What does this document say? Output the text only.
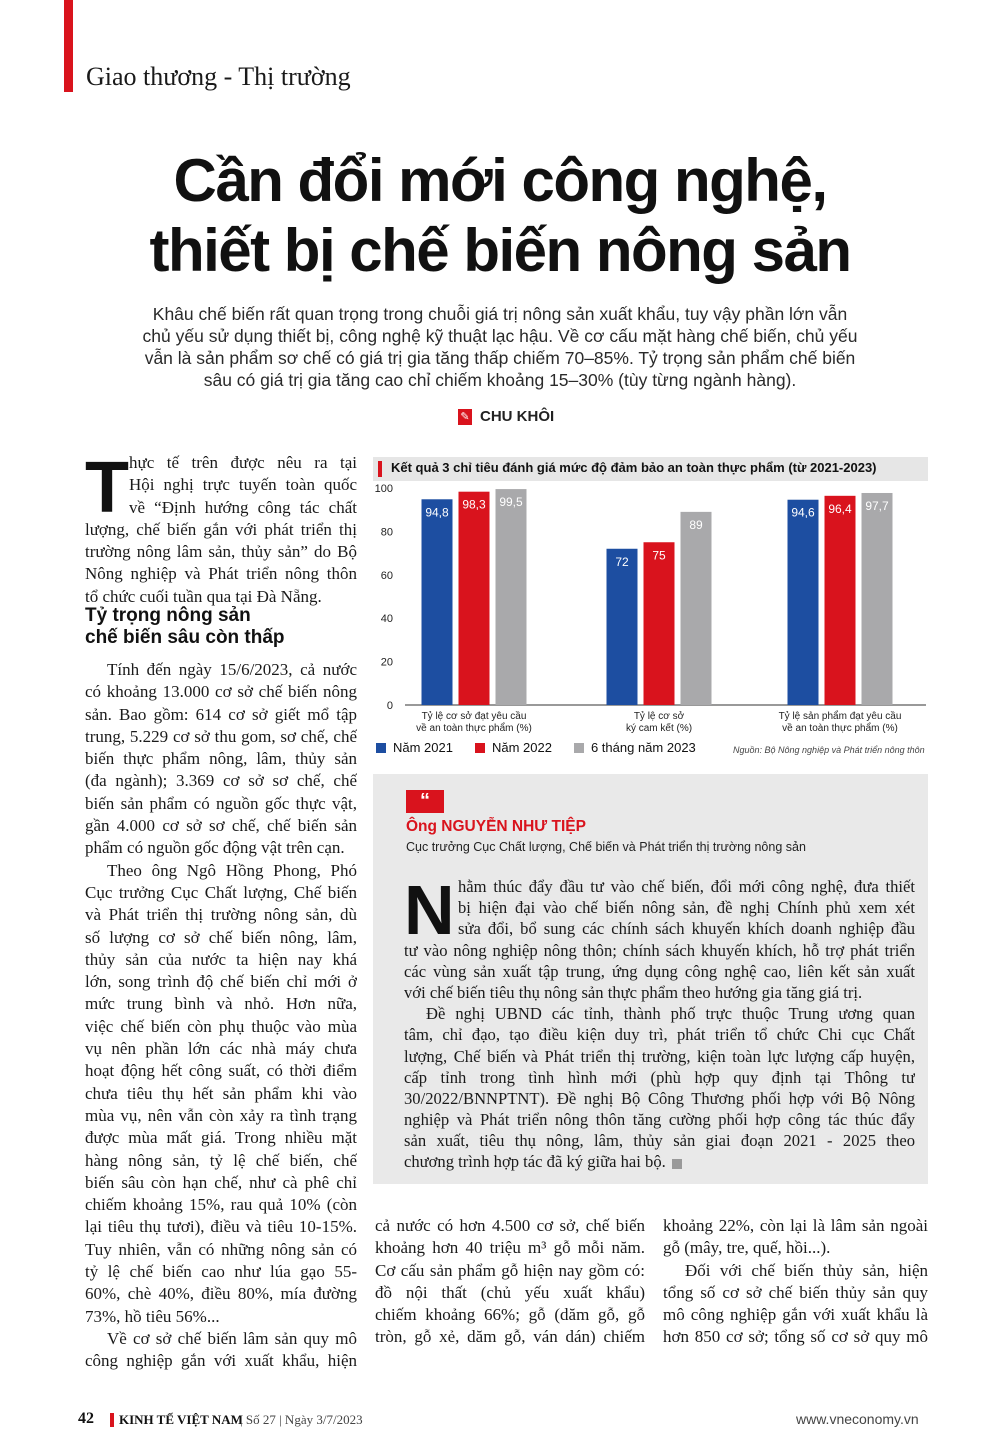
Giao thương - Thị trường
Cần đổi mới công nghệ,
thiết bị chế biến nông sản
Khâu chế biến rất quan trọng trong chuỗi giá trị nông sản xuất khẩu, tuy vậy phần lớn vẫn
chủ yếu sử dụng thiết bị, công nghệ kỹ thuật lạc hậu. Về cơ cấu mặt hàng chế biến, chủ yếu
vẫn là sản phẩm sơ chế có giá trị gia tăng thấp chiếm 70–85%. Tỷ trọng sản phẩm chế biến
sâu có giá trị gia tăng cao chỉ chiếm khoảng 15–30% (tùy từng ngành hàng).
✎ CHU KHÔI
T hực tế trên được nêu ra tại
Hội nghị trực tuyến toàn quốc
về “Định hướng công tác chất
lượng, chế biến gắn với phát triển thị
trường nông lâm sản, thủy sản” do Bộ
Nông nghiệp và Phát triển nông thôn
tổ chức cuối tuần qua tại Đà Nẵng.
Tỷ trọng nông sản
chế biến sâu còn thấp
Tính đến ngày 15/6/2023, cả nước
có khoảng 13.000 cơ sở chế biến nông
sản. Bao gồm: 614 cơ sở giết mổ tập
trung, 5.229 cơ sở thu gom, sơ chế, chế
biến thực phẩm nông, lâm, thủy sản
(đa ngành); 3.369 cơ sở sơ chế, chế
biến sản phẩm có nguồn gốc thực vật,
gần 4.000 cơ sở sơ chế, chế biến sản
phẩm có nguồn gốc động vật trên cạn.
Theo ông Ngô Hồng Phong, Phó
Cục trưởng Cục Chất lượng, Chế biến
và Phát triển thị trường nông sản, dù
số lượng cơ sở chế biến nông, lâm,
thủy sản của nước ta hiện nay khá
lớn, song trình độ chế biến chỉ mới ở
mức trung bình và nhỏ. Hơn nữa,
việc chế biến còn phụ thuộc vào mùa
vụ nên phần lớn các nhà máy chưa
hoạt động hết công suất, có thời điểm
chưa tiêu thụ hết sản phẩm khi vào
mùa vụ, nên vẫn còn xảy ra tình trạng
được mùa mất giá. Trong nhiều mặt
hàng nông sản, tỷ lệ chế biến, chế
biến sâu còn hạn chế, như cà phê chỉ
chiếm khoảng 15%, rau quả 10% (còn
lại tiêu thụ tươi), điều và tiêu 10-15%.
Tuy nhiên, vẫn có những nông sản có
tỷ lệ chế biến cao như lúa gạo 55-
60%, chè 40%, điều 80%, mía đường
73%, hồ tiêu 56%...
Về cơ sở chế biến lâm sản quy mô
công nghiệp gắn với xuất khẩu, hiện
Kết quả 3 chỉ tiêu đánh giá mức độ đảm bảo an toàn thực phẩm (từ 2021-2023)
0
20
40
60
80
100
94,8
72
94,6
98,3
75
96,4
99,5
89
97,7
Tỷ lệ cơ sở đạt yêu cầu
về an toàn thực phẩm (%)
Tỷ lệ cơ sở
ký cam kết (%)
Tỷ lệ sản phẩm đạt yêu cầu
về an toàn thực phẩm (%)
Năm 2021	Năm 2022	6 tháng năm 2023	Nguồn: Bộ Nông nghiệp và Phát triển nông thôn
“
Ông NGUYỄN NHƯ TIỆP
Cục trưởng Cục Chất lượng, Chế biến và Phát triển thị trường nông sản
N hằm thúc đẩy đầu tư vào chế biến, đổi mới công nghệ, đưa thiết
bị hiện đại vào chế biến nông sản, đề nghị Chính phủ xem xét
sửa đổi, bổ sung các chính sách khuyến khích doanh nghiệp đầu
tư vào nông nghiệp nông thôn; chính sách khuyến khích, hỗ trợ phát triển
các vùng sản xuất tập trung, ứng dụng công nghệ cao, liên kết sản xuất
với chế biến tiêu thụ nông sản thực phẩm theo hướng gia tăng giá trị.
Đề nghị UBND các tỉnh, thành phố trực thuộc Trung ương quan
tâm, chỉ đạo, tạo điều kiện duy trì, phát triển tổ chức Chi cục Chất
lượng, Chế biến và Phát triển thị trường, kiện toàn lực lượng cấp huyện,
cấp tỉnh trong tình hình mới (phù hợp quy định tại Thông tư
30/2022/BNNPTNT). Đề nghị Bộ Công Thương phối hợp với Bộ Nông
nghiệp và Phát triển nông thôn tăng cường phối hợp công tác thúc đẩy
sản xuất, tiêu thụ nông, lâm, thủy sản giai đoạn 2021 - 2025 theo
chương trình hợp tác đã ký giữa hai bộ.
cả nước có hơn 4.500 cơ sở, chế biến
khoảng hơn 40 triệu m³ gỗ mỗi năm.
Cơ cấu sản phẩm gỗ hiện nay gồm có:
đồ nội thất (chủ yếu xuất khẩu)
chiếm khoảng 66%; gỗ (dăm gỗ, gỗ
tròn, gỗ xẻ, dăm gỗ, ván dán) chiếm
khoảng 22%, còn lại là lâm sản ngoài
gỗ (mây, tre, quế, hồi...).
Đối với chế biến thủy sản, hiện
tổng số cơ sở chế biến thủy sản quy
mô công nghiệp gắn với xuất khẩu là
hơn 850 cơ sở; tổng số cơ sở quy mô
42 KINH TẾ VIỆT NAM
| Số 27 | Ngày 3/7/2023	www.vneconomy.vn
